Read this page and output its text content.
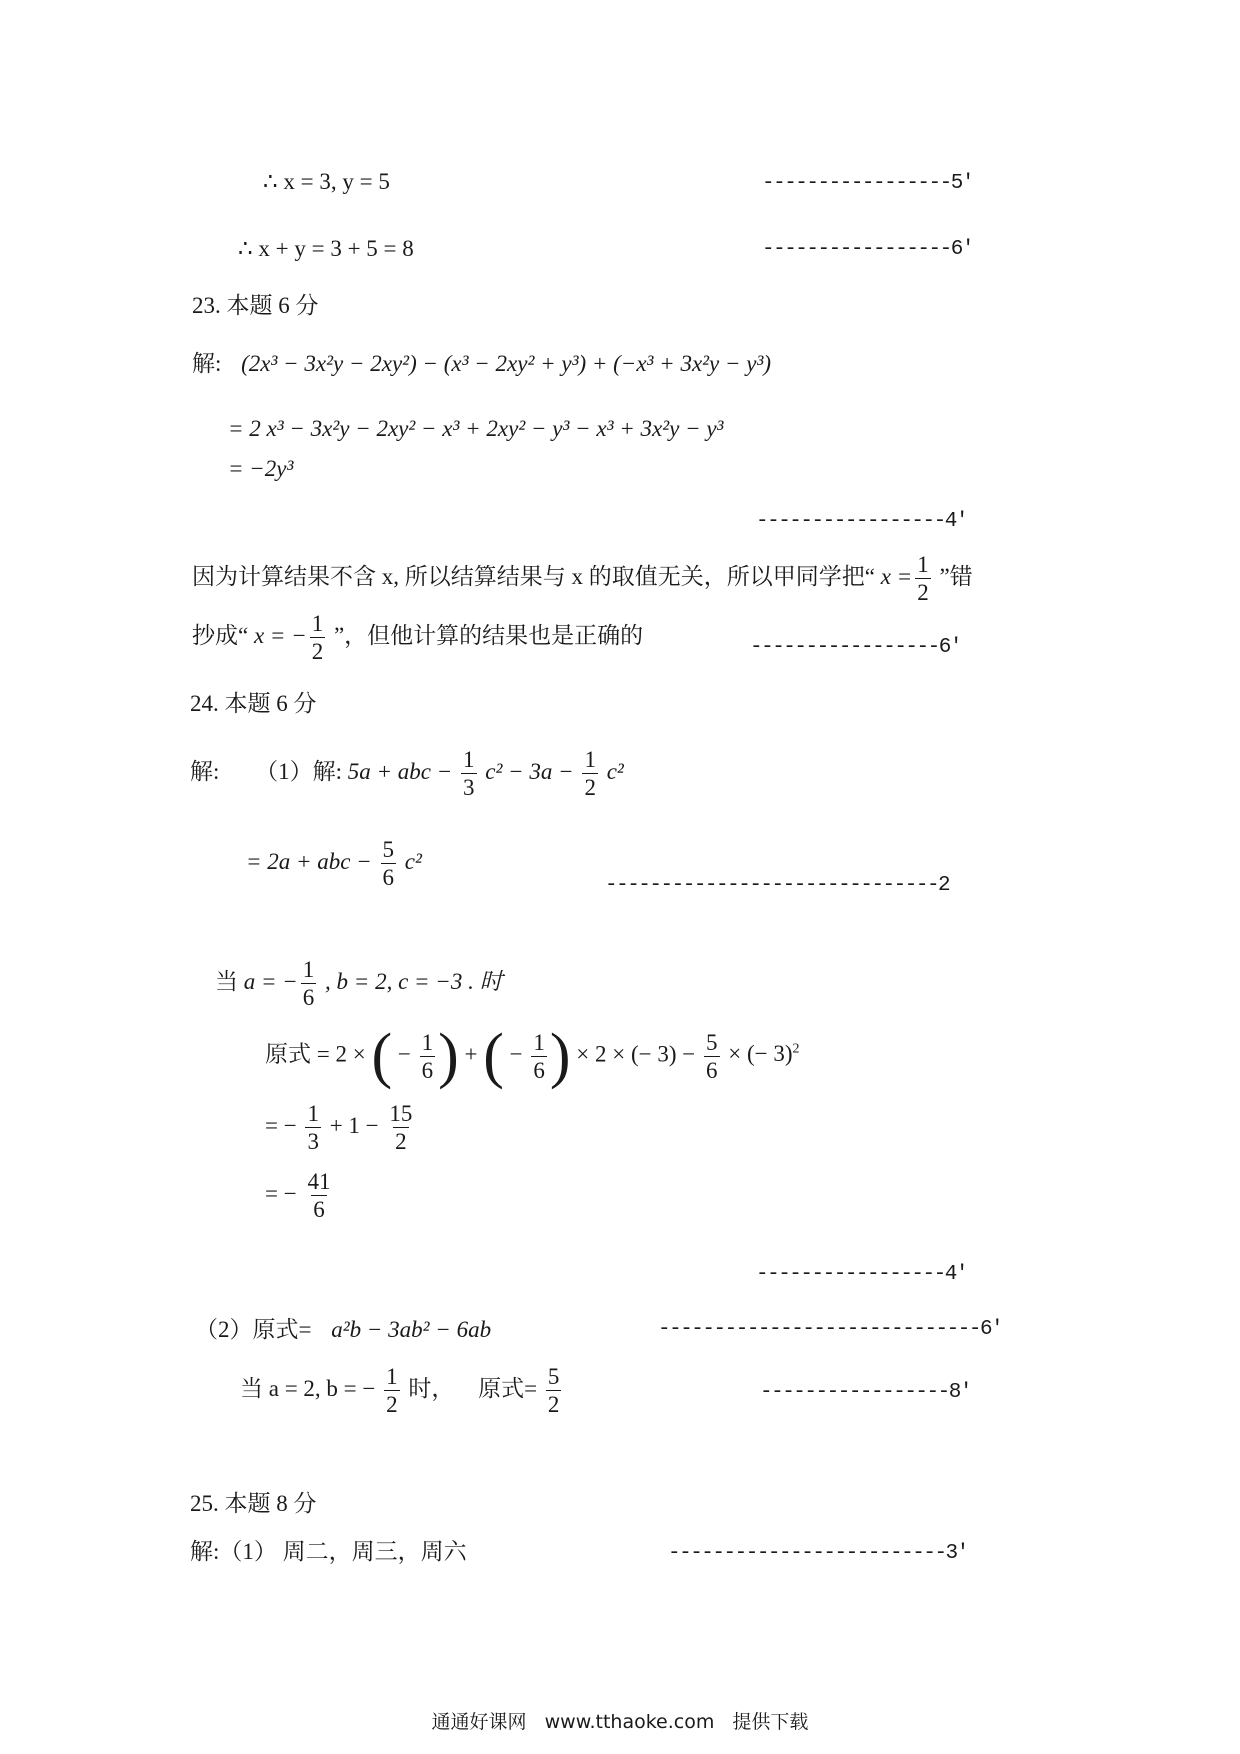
∴ x = 3, y = 5	-----------------5′
∴ x + y = 3 + 5 = 8	-----------------6′
23. 本题 6 分
解: (2x³ − 3x²y − 2xy²) − (x³ − 2xy² + y³) + (−x³ + 3x²y − y³)
= 2 x³ − 3x²y − 2xy² − x³ + 2xy² − y³ − x³ + 3x²y − y³
= −2y³
-----------------4′
因为计算结果不含 x, 所以结算结果与 x 的取值无关，所以甲同学把“ $x = \frac{1}{2}$ ”错
抄成“ x = − $\frac{1}{2}$ ”，但他计算的结果也是正确的	-----------------6′
24. 本题 6 分
解: （1）解: 5a + abc − $\frac{1}{3} c^2 - 3a - \frac{1}{2} c^2$
= 2a + abc − $\frac{5}{6} c^2$
------------------------------2
当 a = − $\frac{1}{6}$ , b = 2, c = −3 . 时
原式 = 2 × ( − $\frac{1}{6}$ ) + ( − $\frac{1}{6}$ ) × 2 × (− $3) - \frac{5}{6}$ × (− 3)$^2$
= − $\frac{1}{3} + 1 - \frac{15}{2}$
= − $\frac{41}{6}$
-----------------4′
（2）原式= a²b − 3ab² − 6ab	-----------------------------6′
当 a = 2, b = − $\frac{1}{2}$ 时， 原式= $\frac{5}{2}$	-----------------8′
25. 本题 8 分
解:（1） 周二，周三，周六	-------------------------3′
通通好课网 www.tthaoke.com 提供下载
